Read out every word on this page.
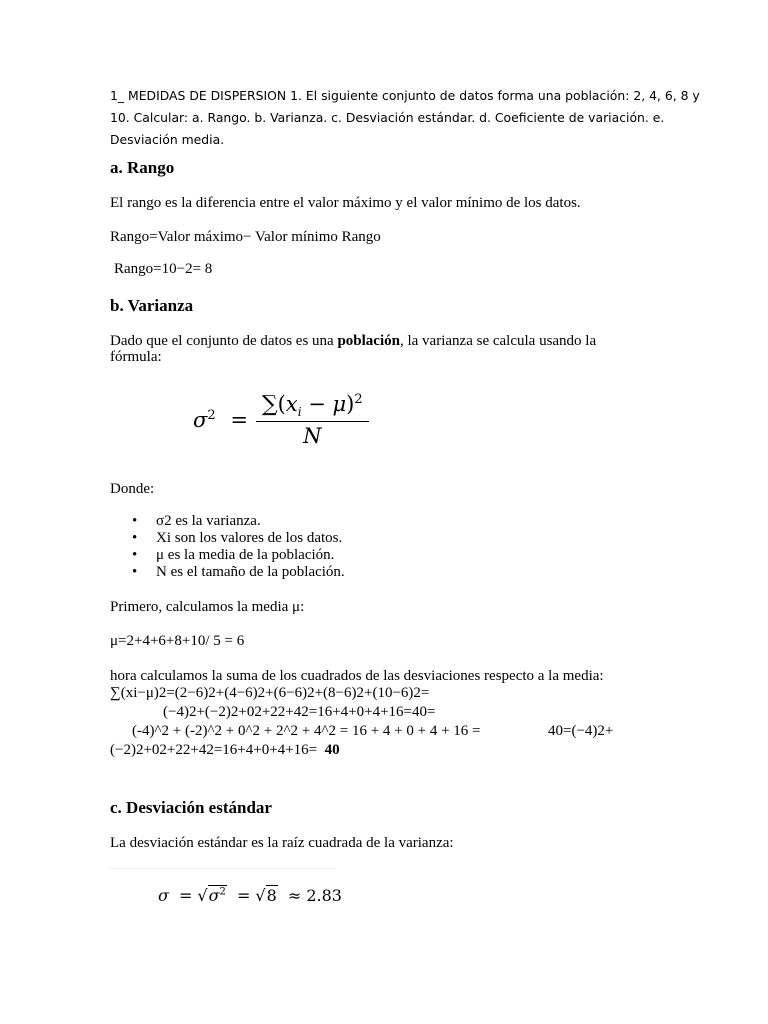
1_ MEDIDAS DE DISPERSION 1. El siguiente conjunto de datos forma una población: 2, 4, 6, 8 y
10. Calcular: a. Rango. b. Varianza. c. Desviación estándar. d. Coeficiente de variación. e.
Desviación media.
a. Rango
El rango es la diferencia entre el valor máximo y el valor mínimo de los datos.
Rango=Valor máximo− Valor mínimo Rango
Rango=10−2= 8
b. Varianza
Dado que el conjunto de datos es una población, la varianza se calcula usando la
fórmula:
$\sigma^2 = \frac{\sum(x_i - \mu)^2}{N}$
Donde:
• σ2 es la varianza.
• Xi son los valores de los datos.
• μ es la media de la población.
• N es el tamaño de la población.
Primero, calculamos la media μ:
μ=2+4+6+8+10/ 5 = 6
hora calculamos la suma de los cuadrados de las desviaciones respecto a la media:
∑(xi−μ)2=(2−6)2+(4−6)2+(6−6)2+(8−6)2+(10−6)2=
(−4)2+(−2)2+02+22+42=16+4+0+4+16=40=
(-4)^2 + (-2)^2 + 0^2 + 2^2 + 4^2 = 16 + 4 + 0 + 4 + 16 =	40=(−4)2+
(−2)2+02+22+42=16+4+0+4+16= 40
c. Desviación estándar
La desviación estándar es la raíz cuadrada de la varianza:
$\sigma = √\sigma^2 = √8 \approx 2.83$
